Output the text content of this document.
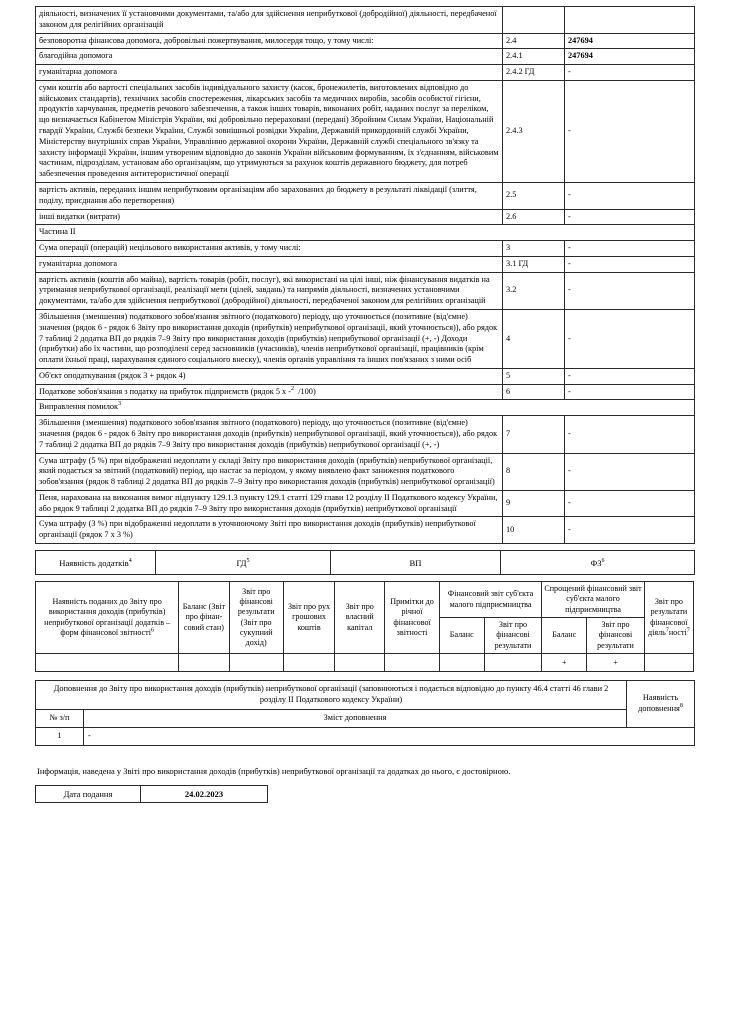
діяльності, визначених її установчими документами, та/або для здійснення неприбуткової (добродійної) діяльності, передбаченої законом для релігійних організацій		
безповоротна фінансова допомога, добровільні пожертвування, милосердя тощо, у тому числі:	2.4	247694
благодійна допомога	2.4.1	247694
гуманітарна допомога	2.4.2 ГД	-
суми коштів або вартості спеціальних засобів індивідуального захисту (касок, бронежилетів, виготовлених відповідно до військових стандартів), технічних засобів спостереження, лікарських засобів та медичних виробів, засобів особистої гігієни, продуктів харчування, предметів речового забезпечення, а також інших товарів, виконаних робіт, наданих послуг за переліком, що визначається Кабінетом Міністрів України, які добровільно перераховані (передані) Збройним Силам України, Національній гвардії України, Службі безпеки України, Службі зовнішньої розвідки України, Державній прикордонній службі України, Міністерству внутрішніх справ України, Управлінню державної охорони України, Державній службі спеціального зв'язку та захисту інформації України, іншим утвореним відповідно до законів України військовим формуванням, їх з'єднанням, військовим частинам, підрозділам, установам або організаціям, що утримуються за рахунок коштів державного бюджету, для потреб забезпечення проведення антитерористичної операції	2.4.3	-
вартість активів, переданих іншим неприбутковим організаціям або зарахованих до бюджету в результаті ліквідації (злиття, поділу, приєднання або перетворення)	2.5	-
інші видатки (витрати)	2.6	-
Частина II		
Сума операції (операцій) нецільового використання активів, у тому числі:	3	-
гуманітарна допомога	3.1 ГД	-
вартість активів (коштів або майна), вартість товарів (робіт, послуг), які використані на цілі інші, ніж фінансування видатків на утримання неприбуткової організації, реалізації мети (цілей, завдань) та напрямів діяльності, визначених установчими документами, та/або для здійснення неприбуткової (добродійної) діяльності, передбаченої законом для релігійних організацій	3.2	-
Збільшення (зменшення) податкового зобов'язання звітного (податкового) періоду, що уточнюється (позитивне (від'ємне) значення (рядок 6 - рядок 6 Звіту про використання доходів (прибутків) неприбуткової організації, який уточнюється)), або рядок 7 таблиці 2 додатка ВП до рядків 7–9 Звіту про використання доходів (прибутків) неприбуткової організації (+, -) Доходи (прибутки) або їх частини, що розподілені серед засновників (учасників), членів неприбуткової організації, працівників (крім оплати їхньої праці, нарахування єдиного соціального внеску), членів органів управління та інших пов'язаних з ними осіб	4	-
Об'єкт оподаткування (рядок 3 + рядок 4)	5	-
Податкове зобов'язання з податку на прибуток підприємств (рядок 5 х -$^2$ /100)	6	-
Виправлення помилок$^3$
Збільшення (зменшення) податкового зобов'язання звітного (податкового) періоду, що уточнюється (позитивне (від'ємне) значення (рядок 6 - рядок 6 Звіту про використання доходів (прибутків) неприбуткової організації, який уточнюється)), або рядок 7 таблиці 2 додатка ВП до рядків 7–9 Звіту про використання доходів (прибутків) неприбуткової організації (+, -)	7	-
Сума штрафу (5 %) при відображенні недоплати у складі Звіту про використання доходів (прибутків) неприбуткової організації, який подається за звітний (податковий) період, що настає за періодом, у якому виявлено факт заниження податкового зобов'язання (рядок 8 таблиці 2 додатка ВП до рядків 7–9 Звіту про використання доходів (прибутків) неприбуткової організації)	8	-
Пеня, нарахована на виконання вимог підпункту 129.1.3 пункту 129.1 статті 129 глави 12 розділу II Податкового кодексу України, або рядок 9 таблиці 2 додатка ВП до рядків 7–9 Звіту про використання доходів (прибутків) неприбуткової організації	9	-
Сума штрафу (3 %) при відображенні недоплати в уточнюючому Звіті про використання доходів (прибутків) неприбуткової організації (рядок 7 х 3 %)	10	-
Наявність додатків$^4$	$ГД^5$	ВП	$ФЗ^6$
Наявність поданих до Звіту про використання доходів (прибутків) неприбуткової організації додатків – форм фінансової звітності$^6$	Баланс (Звіт про фінан-совий стан)	Звіт про фінансові результати (Звіт про сукупний дохід)	Звіт про рух грошових коштів	Звіт про власний капітал	Примітки до річної фінансової звітності	Фінансовий звіт суб'єкта малого підприємництва		Спрощений фінансовий звіт суб'єкта малого підприємництва		Звіт про результати фінансової діяль$^7$ності$^7$
						Баланс	Звіт про фінансові результати	Баланс	Звіт про фінансові результати	
								+	+	
Доповнення до Звіту про використання доходів (прибутків) неприбуткової організації (заповнюються і подається відповідно до пункту 46.4 статті 46 глави 2 розділу II Податкового кодексу України)		Наявність доповнення$^8$
№ з/п	Зміст доповнення	
1	-	
Інформація, наведена у Звіті про використання доходів (прибутків) неприбуткової організації та додатках до нього, є достовірною.
Дата подання	24.02.2023
